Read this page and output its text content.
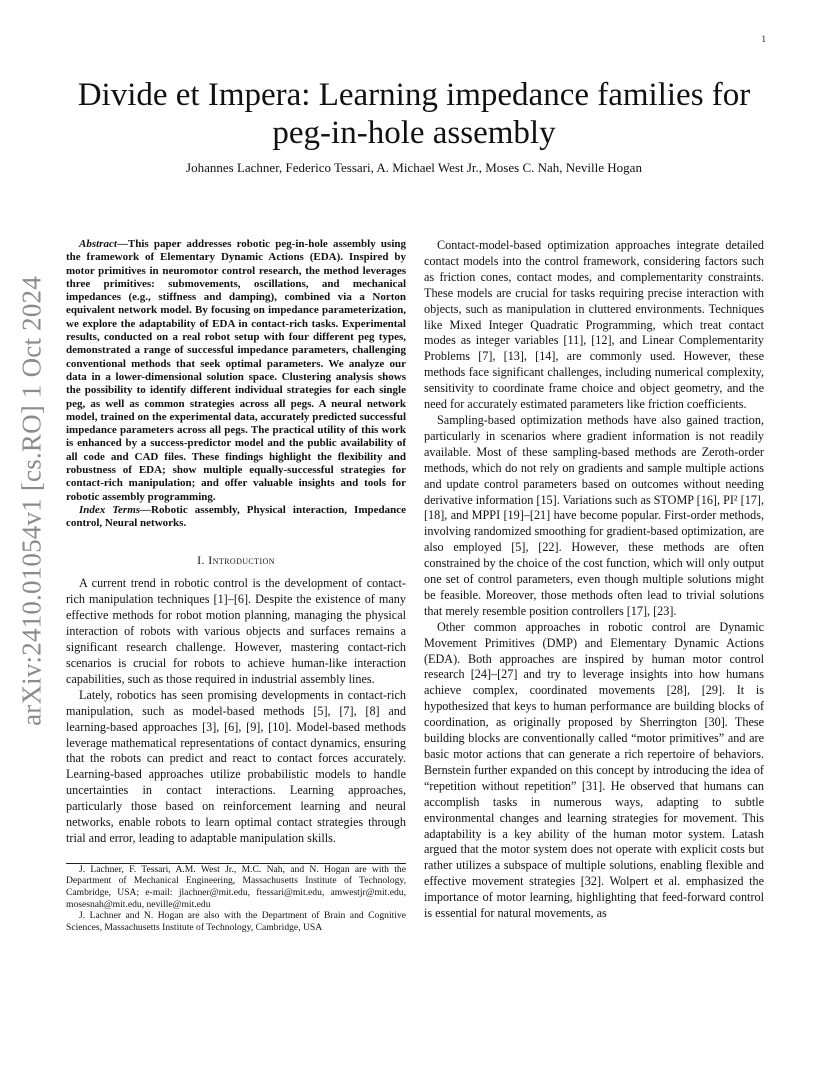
1
arXiv:2410.01054v1 [cs.RO] 1 Oct 2024
Divide et Impera: Learning impedance families for
peg-in-hole assembly
Johannes Lachner, Federico Tessari, A. Michael West Jr., Moses C. Nah, Neville Hogan

Abstract—This paper addresses robotic peg-in-hole assembly using the framework of Elementary Dynamic Actions (EDA). Inspired by motor primitives in neuromotor control research, the method leverages three primitives: submovements, oscillations, and mechanical impedances (e.g., stiffness and damping), combined via a Norton equivalent network model. By focusing on impedance parameterization, we explore the adaptability of EDA in contact-rich tasks. Experimental results, conducted on a real robot setup with four different peg types, demonstrated a range of successful impedance parameters, challenging conventional methods that seek optimal parameters. We analyze our data in a lower-dimensional solution space. Clustering analysis shows the possibility to identify different individual strategies for each single peg, as well as common strategies across all pegs. A neural network model, trained on the experimental data, accurately predicted successful impedance parameters across all pegs. The practical utility of this work is enhanced by a success-predictor model and the public availability of all code and CAD files. These findings highlight the flexibility and robustness of EDA; show multiple equally-successful strategies for contact-rich manipulation; and offer valuable insights and tools for robotic assembly programming.

Index Terms—Robotic assembly, Physical interaction, Impedance control, Neural networks.

I. Introduction

A current trend in robotic control is the development of contact-rich manipulation techniques [1]–[6]. Despite the existence of many effective methods for robot motion planning, managing the physical interaction of robots with various objects and surfaces remains a significant research challenge. However, mastering contact-rich scenarios is crucial for robots to achieve human-like interaction capabilities, such as those required in industrial assembly lines.

Lately, robotics has seen promising developments in contact-rich manipulation, such as model-based methods [5], [7], [8] and learning-based approaches [3], [6], [9], [10]. Model-based methods leverage mathematical representations of contact dynamics, ensuring that the robots can predict and react to contact forces accurately. Learning-based approaches utilize probabilistic models to handle uncertainties in contact interactions. Learning approaches, particularly those based on reinforcement learning and neural networks, enable robots to learn optimal contact strategies through trial and error, leading to adaptable manipulation skills.

J. Lachner, F. Tessari, A.M. West Jr., M.C. Nah, and N. Hogan are with the Department of Mechanical Engineering, Massachusetts Institute of Technology, Cambridge, USA; e-mail: jlachner@mit.edu, ftessari@mit.edu, amwestjr@mit.edu, mosesnah@mit.edu, neville@mit.edu

J. Lachner and N. Hogan are also with the Department of Brain and Cognitive Sciences, Massachusetts Institute of Technology, Cambridge, USA

Contact-model-based optimization approaches integrate detailed contact models into the control framework, considering factors such as friction cones, contact modes, and complementarity constraints. These models are crucial for tasks requiring precise interaction with objects, such as manipulation in cluttered environments. Techniques like Mixed Integer Quadratic Programming, which treat contact modes as integer variables [11], [12], and Linear Complementarity Problems [7], [13], [14], are commonly used. However, these methods face significant challenges, including numerical complexity, sensitivity to coordinate frame choice and object geometry, and the need for accurately estimated parameters like friction coefficients.

Sampling-based optimization methods have also gained traction, particularly in scenarios where gradient information is not readily available. Most of these sampling-based methods are Zeroth-order methods, which do not rely on gradients and sample multiple actions and update control parameters based on outcomes without needing derivative information [15]. Variations such as STOMP [16], PI² [17], [18], and MPPI [19]–[21] have become popular. First-order methods, involving randomized smoothing for gradient-based optimization, are also employed [5], [22]. However, these methods are often constrained by the choice of the cost function, which will only output one set of control parameters, even though multiple solutions might be feasible. Moreover, those methods often lead to trivial solutions that merely resemble position controllers [17], [23].

Other common approaches in robotic control are Dynamic Movement Primitives (DMP) and Elementary Dynamic Actions (EDA). Both approaches are inspired by human motor control research [24]–[27] and try to leverage insights into how humans achieve complex, coordinated movements [28], [29]. It is hypothesized that keys to human performance are building blocks of coordination, as originally proposed by Sherrington [30]. These building blocks are conventionally called “motor primitives” and are basic motor actions that can generate a rich repertoire of behaviors. Bernstein further expanded on this concept by introducing the idea of “repetition without repetition” [31]. He observed that humans can accomplish tasks in numerous ways, adapting to subtle environmental changes and learning strategies for movement. This adaptability is a key ability of the human motor system. Latash argued that the motor system does not operate with explicit costs but rather utilizes a subspace of multiple solutions, enabling flexible and effective movement strategies [32]. Wolpert et al. emphasized the importance of motor learning, highlighting that feed-forward control is essential for natural movements, as
